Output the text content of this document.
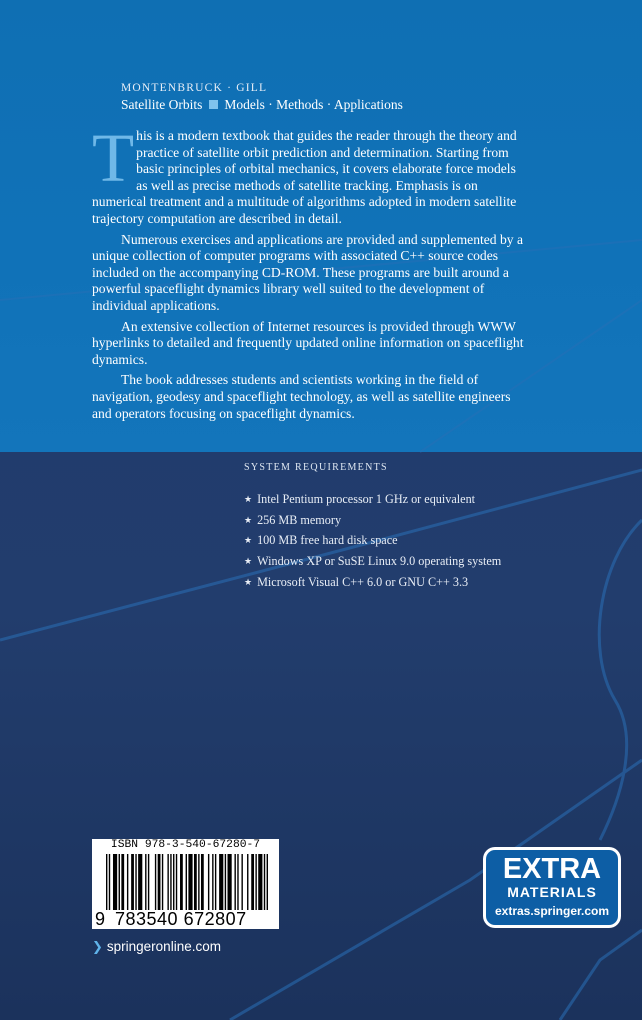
MONTENBRUCK · GILL
Satellite Orbits Models · Methods · Applications

This is a modern textbook that guides the reader through the theory and practice of satellite orbit prediction and determination. Starting from basic principles of orbital mechanics, it covers elaborate force models as well as precise methods of satellite tracking. Emphasis is on numerical treatment and a multitude of algorithms adopted in modern satellite trajectory computation are described in detail.

Numerous exercises and applications are provided and supplemented by a unique collection of computer programs with associated C++ source codes included on the accompanying CD-ROM. These programs are built around a powerful spaceflight dynamics library well suited to the development of individual applications.

An extensive collection of Internet resources is provided through WWW hyperlinks to detailed and frequently updated online information on spaceflight dynamics.

The book addresses students and scientists working in the field of navigation, geodesy and spaceflight technology, as well as satellite engineers and operators focusing on spaceflight dynamics.

SYSTEM REQUIREMENTS
★ Intel Pentium processor 1 GHz or equivalent
★ 256 MB memory
★ 100 MB free hard disk space
★ Windows XP or SuSE Linux 9.0 operating system
★ Microsoft Visual C++ 6.0 or GNU C++ 3.3
ISBN 978-3-540-67280-7
9 783540 672807
❯ springeronline.com
EXTRA
MATERIALS
extras.springer.com
